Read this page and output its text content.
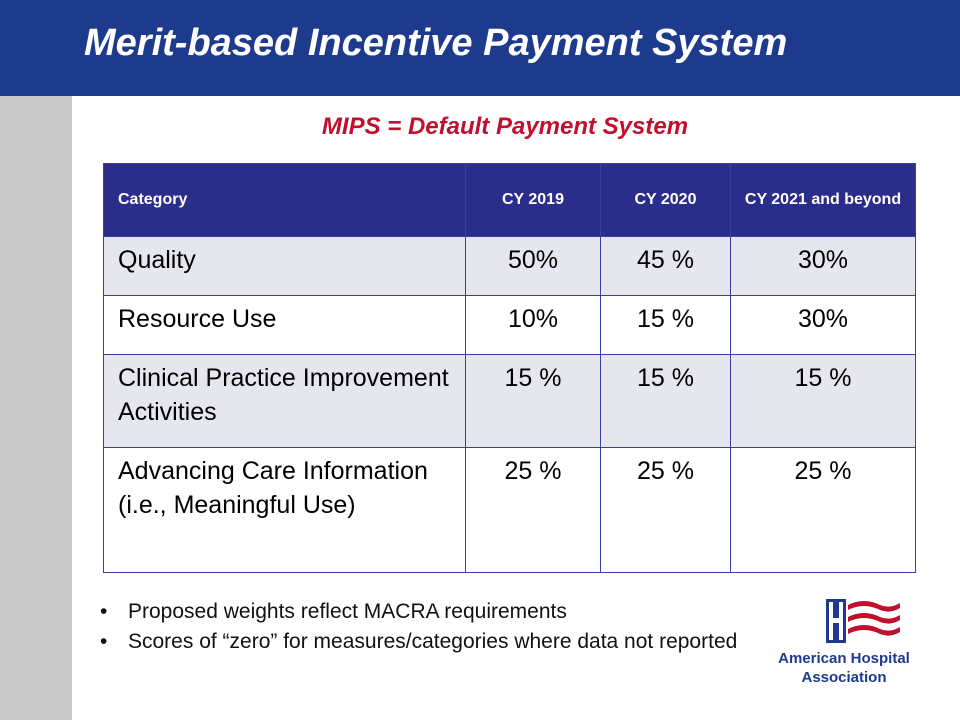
Merit-based Incentive Payment System
MIPS = Default Payment System
Category	CY 2019	CY 2020	CY 2021 and beyond
Quality	50%	45 %	30%
Resource Use	10%	15 %	30%
Clinical Practice Improvement Activities	15 %	15 %	15 %
Advancing Care Information (i.e., Meaningful Use)	25 %	25 %	25 %
• Proposed weights reflect MACRA requirements
• Scores of “zero” for measures/categories where data not reported
American Hospital
Association
